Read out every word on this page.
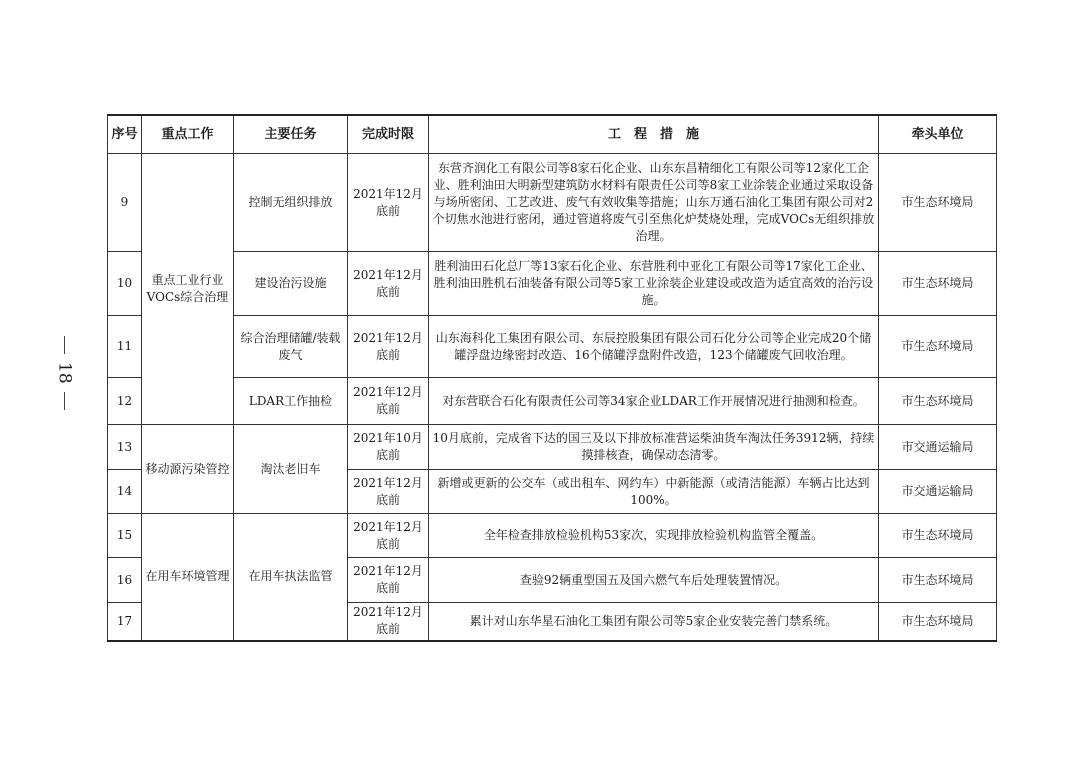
18
序号	重点工作	主要任务	完成时限	工　程　措　施	牵头单位
9	重点工业行业VOCs综合治理	控制无组织排放	2021年12月底前	东营齐润化工有限公司等8家石化企业、山东东昌精细化工有限公司等12家化工企业、胜利油田大明新型建筑防水材料有限责任公司等8家工业涂装企业通过采取设备与场所密闭、工艺改进、废气有效收集等措施；山东万通石油化工集团有限公司对2个切焦水池进行密闭，通过管道将废气引至焦化炉焚烧处理，完成VOCs无组织排放治理。	市生态环境局
10		建设治污设施	2021年12月底前	胜利油田石化总厂等13家石化企业、东营胜利中亚化工有限公司等17家化工企业、胜利油田胜机石油装备有限公司等5家工业涂装企业建设或改造为适宜高效的治污设施。	市生态环境局
11		综合治理储罐/装载废气	2021年12月底前	山东海科化工集团有限公司、东辰控股集团有限公司石化分公司等企业完成20个储罐浮盘边缘密封改造、16个储罐浮盘附件改造，123个储罐废气回收治理。	市生态环境局
12		LDAR工作抽检	2021年12月底前	对东营联合石化有限责任公司等34家企业LDAR工作开展情况进行抽测和检查。	市生态环境局
13	移动源污染管控	淘汰老旧车	2021年10月底前	10月底前，完成省下达的国三及以下排放标准营运柴油货车淘汰任务3912辆，持续摸排核查，确保动态清零。	市交通运输局
14			2021年12月底前	新增或更新的公交车（或出租车、网约车）中新能源（或清洁能源）车辆占比达到100%。	市交通运输局
15	在用车环境管理	在用车执法监管	2021年12月底前	全年检查排放检验机构53家次，实现排放检验机构监管全覆盖。	市生态环境局
16			2021年12月底前	查验92辆重型国五及国六燃气车后处理装置情况。	市生态环境局
17			2021年12月底前	累计对山东华星石油化工集团有限公司等5家企业安装完善门禁系统。	市生态环境局
